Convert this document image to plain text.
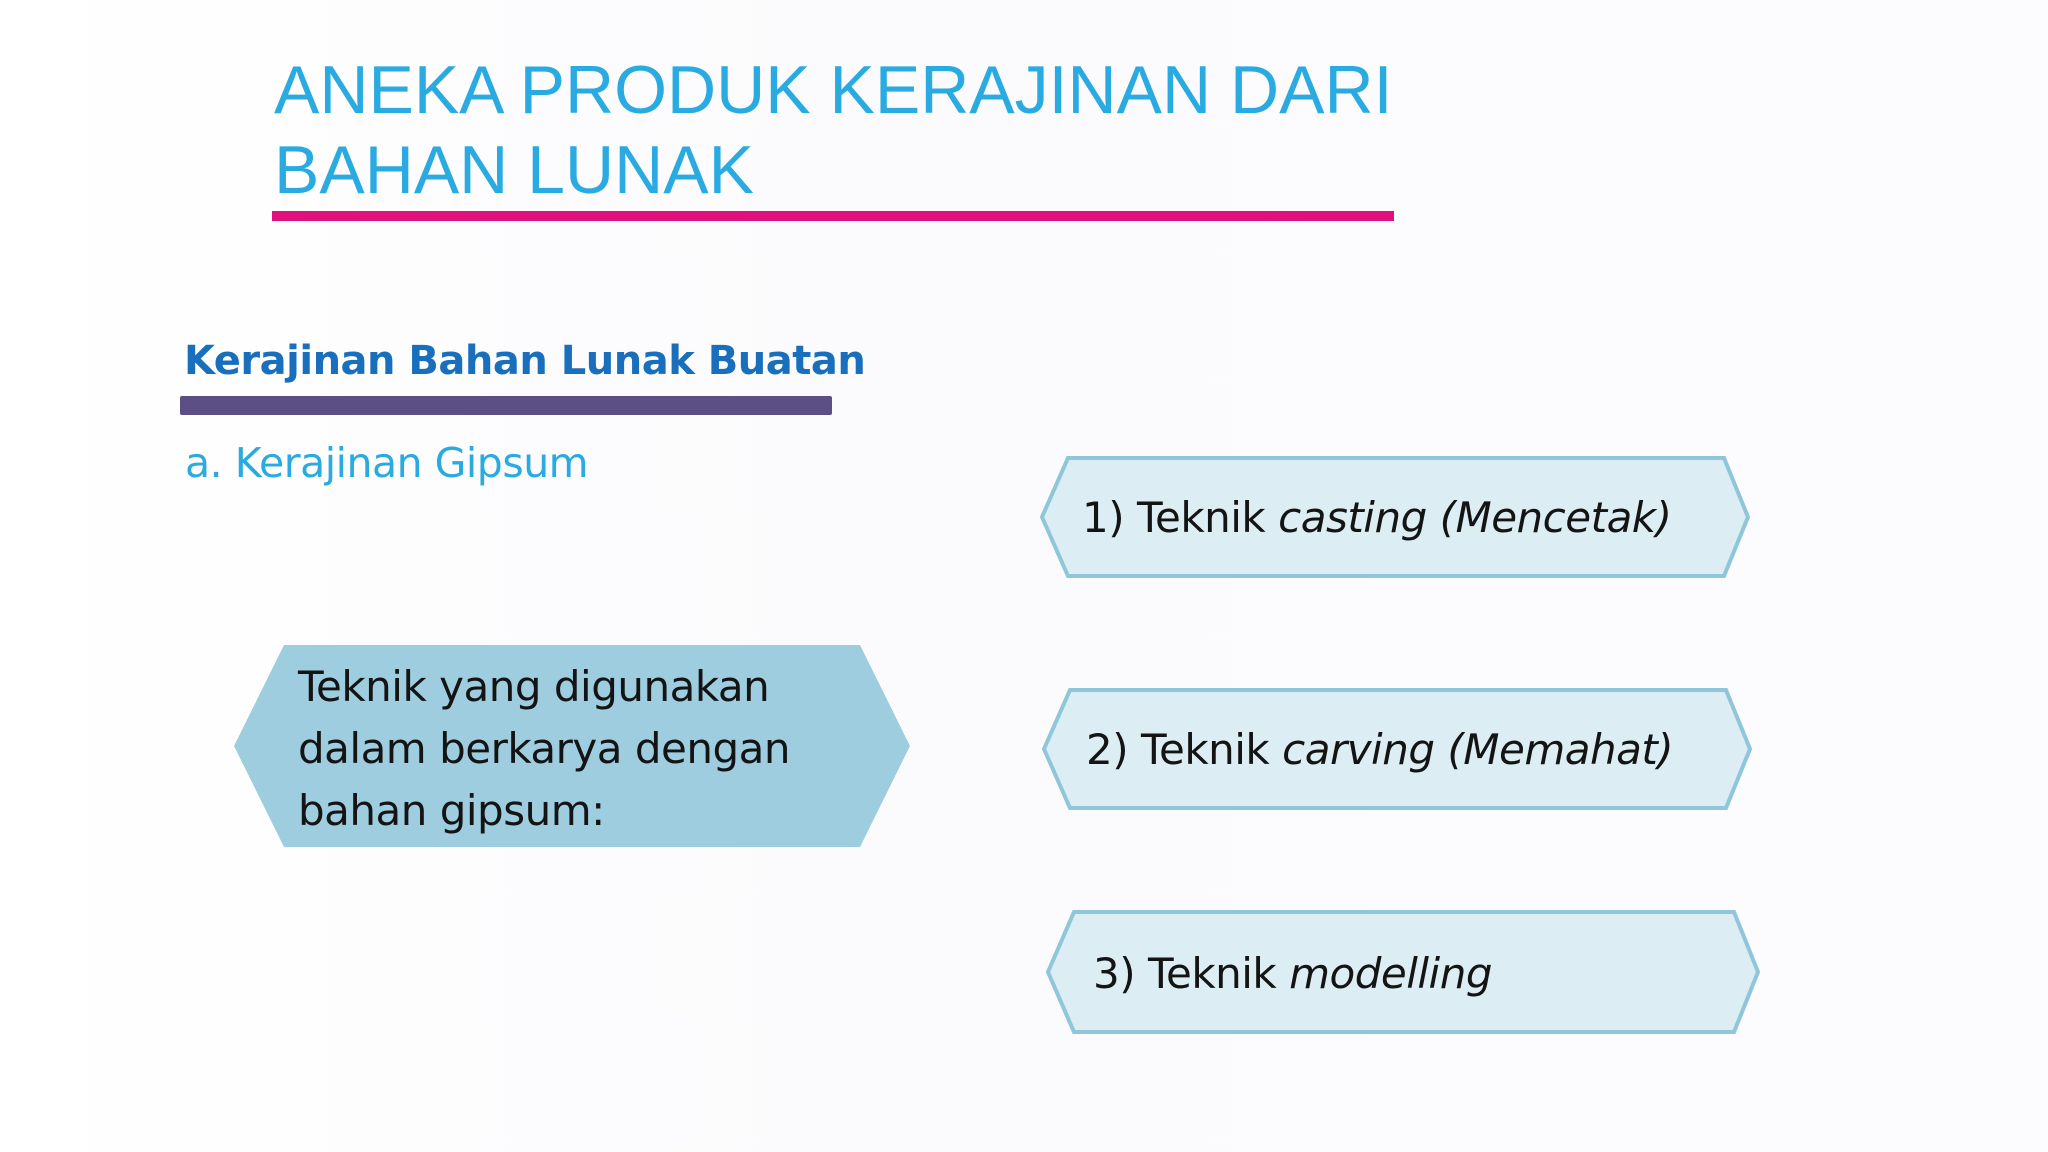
ANEKA PRODUK KERAJINAN DARI
BAHAN LUNAK
Kerajinan Bahan Lunak Buatan
a. Kerajinan Gipsum
Teknik yang digunakan
dalam berkarya dengan
bahan gipsum:
1) Teknik casting (Mencetak)
2) Teknik carving (Memahat)
3) Teknik modelling
